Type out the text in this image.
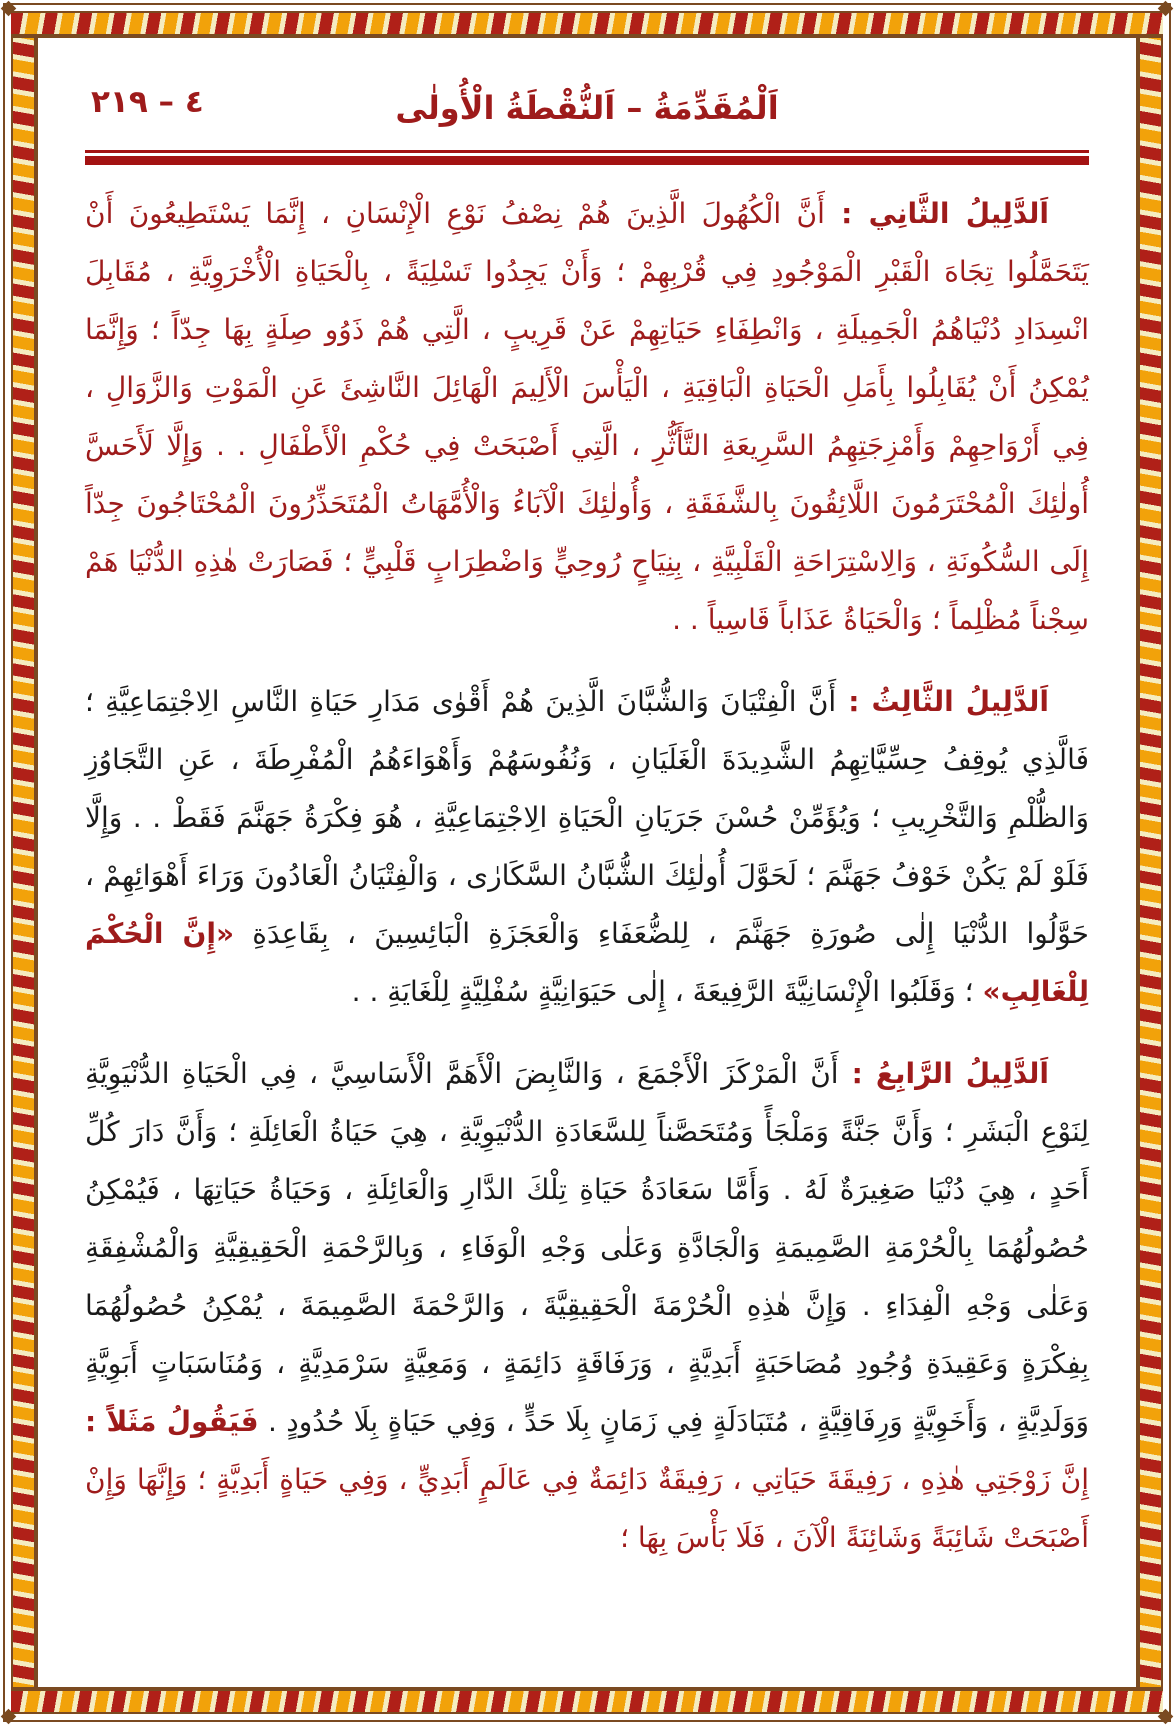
اَلْمُقَدِّمَةُ – اَلنُّقْطَةُ الْأُولٰى
٤ – ٢١٩

اَلدَّلِيلُ الثَّانِي : أَنَّ الْكُهُولَ الَّذِينَ هُمْ نِصْفُ نَوْعِ الْإِنْسَانِ ، إِنَّمَا يَسْتَطِيعُونَ أَنْ يَتَحَمَّلُوا تِجَاهَ الْقَبْرِ الْمَوْجُودِ فِي قُرْبِهِمْ ؛ وَأَنْ يَجِدُوا تَسْلِيَةً ، بِالْحَيَاةِ الْأُخْرَوِيَّةِ ، مُقَابِلَ انْسِدَادِ دُنْيَاهُمُ الْجَمِيلَةِ ، وَانْطِفَاءِ حَيَاتِهِمْ عَنْ قَرِيبٍ ، الَّتِي هُمْ ذَوُو صِلَةٍ بِهَا جِدّاً ؛ وَإِنَّمَا يُمْكِنُ أَنْ يُقَابِلُوا بِأَمَلِ الْحَيَاةِ الْبَاقِيَةِ ، الْيَأْسَ الْأَلِيمَ الْهَائِلَ النَّاشِئَ عَنِ الْمَوْتِ وَالزَّوَالِ ، فِي أَرْوَاحِهِمْ وَأَمْزِجَتِهِمُ السَّرِيعَةِ التَّأَثُّرِ ، الَّتِي أَصْبَحَتْ فِي حُكْمِ الْأَطْفَالِ . . وَإِلَّا لَأَحَسَّ أُولٰئِكَ الْمُحْتَرَمُونَ اللَّائِقُونَ بِالشَّفَقَةِ ، وَأُولٰئِكَ الْآبَاءُ وَالْأُمَّهَاتُ الْمُتَحَذِّرُونَ الْمُحْتَاجُونَ جِدّاً إِلَى السُّكُونَةِ ، وَالِاسْتِرَاحَةِ الْقَلْبِيَّةِ ، بِنِيَاحٍ رُوحِيٍّ وَاضْطِرَابٍ قَلْبِيٍّ ؛ فَصَارَتْ هٰذِهِ الدُّنْيَا هَمْ سِجْناً مُظْلِماً ؛ وَالْحَيَاةُ عَذَاباً قَاسِياً . .

اَلدَّلِيلُ الثَّالِثُ : أَنَّ الْفِتْيَانَ وَالشُّبَّانَ الَّذِينَ هُمْ أَقْوٰى مَدَارِ حَيَاةِ النَّاسِ الِاجْتِمَاعِيَّةِ ؛ فَالَّذِي يُوقِفُ حِسِّيَّاتِهِمُ الشَّدِيدَةَ الْغَلَيَانِ ، وَنُفُوسَهُمْ وَأَهْوَاءَهُمُ الْمُفْرِطَةَ ، عَنِ التَّجَاوُزِ وَالظُّلْمِ وَالتَّخْرِيبِ ؛ وَيُؤَمِّنْ حُسْنَ جَرَيَانِ الْحَيَاةِ الِاجْتِمَاعِيَّةِ ، هُوَ فِكْرَةُ جَهَنَّمَ فَقَطْ . . وَإِلَّا فَلَوْ لَمْ يَكُنْ خَوْفُ جَهَنَّمَ ؛ لَحَوَّلَ أُولٰئِكَ الشُّبَّانُ السَّكَارٰى ، وَالْفِتْيَانُ الْعَادُونَ وَرَاءَ أَهْوَائِهِمْ ، حَوَّلُوا الدُّنْيَا إِلٰى صُورَةِ جَهَنَّمَ ، لِلضُّعَفَاءِ وَالْعَجَزَةِ الْبَائِسِينَ ، بِقَاعِدَةِ «إِنَّ الْحُكْمَ لِلْغَالِبِ» ؛ وَقَلَبُوا الْإِنْسَانِيَّةَ الرَّفِيعَةَ ، إِلٰى حَيَوَانِيَّةٍ سُفْلِيَّةٍ لِلْغَايَةِ . .

اَلدَّلِيلُ الرَّابِعُ : أَنَّ الْمَرْكَزَ الْأَجْمَعَ ، وَالنَّابِضَ الْأَهَمَّ الْأَسَاسِيَّ ، فِي الْحَيَاةِ الدُّنْيَوِيَّةِ لِنَوْعِ الْبَشَرِ ؛ وَأَنَّ جَنَّةً وَمَلْجَأً وَمُتَحَصَّناً لِلسَّعَادَةِ الدُّنْيَوِيَّةِ ، هِيَ حَيَاةُ الْعَائِلَةِ ؛ وَأَنَّ دَارَ كُلِّ أَحَدٍ ، هِيَ دُنْيَا صَغِيرَةٌ لَهُ . وَأَمَّا سَعَادَةُ حَيَاةِ تِلْكَ الدَّارِ وَالْعَائِلَةِ ، وَحَيَاةُ حَيَاتِهَا ، فَيُمْكِنُ حُصُولُهُمَا بِالْحُرْمَةِ الصَّمِيمَةِ وَالْجَادَّةِ وَعَلٰى وَجْهِ الْوَفَاءِ ، وَبِالرَّحْمَةِ الْحَقِيقِيَّةِ وَالْمُشْفِقَةِ وَعَلٰى وَجْهِ الْفِدَاءِ . وَإِنَّ هٰذِهِ الْحُرْمَةَ الْحَقِيقِيَّةَ ، وَالرَّحْمَةَ الصَّمِيمَةَ ، يُمْكِنُ حُصُولُهُمَا بِفِكْرَةٍ وَعَقِيدَةِ وُجُودِ مُصَاحَبَةٍ أَبَدِيَّةٍ ، وَرَفَاقَةٍ دَائِمَةٍ ، وَمَعِيَّةٍ سَرْمَدِيَّةٍ ، وَمُنَاسَبَاتٍ أَبَوِيَّةٍ وَوَلَدِيَّةٍ ، وَأَخَوِيَّةٍ وَرِفَاقِيَّةٍ ، مُتَبَادَلَةٍ فِي زَمَانٍ بِلَا حَدٍّ ، وَفِي حَيَاةٍ بِلَا حُدُودٍ . فَيَقُولُ مَثَلاً : إِنَّ زَوْجَتِي هٰذِهِ ، رَفِيقَةَ حَيَاتِي ، رَفِيقَةٌ دَائِمَةٌ فِي عَالَمٍ أَبَدِيٍّ ، وَفِي حَيَاةٍ أَبَدِيَّةٍ ؛ وَإِنَّهَا وَإِنْ أَصْبَحَتْ شَائِبَةً وَشَائِنَةً الْآنَ ، فَلَا بَأْسَ بِهَا ؛
